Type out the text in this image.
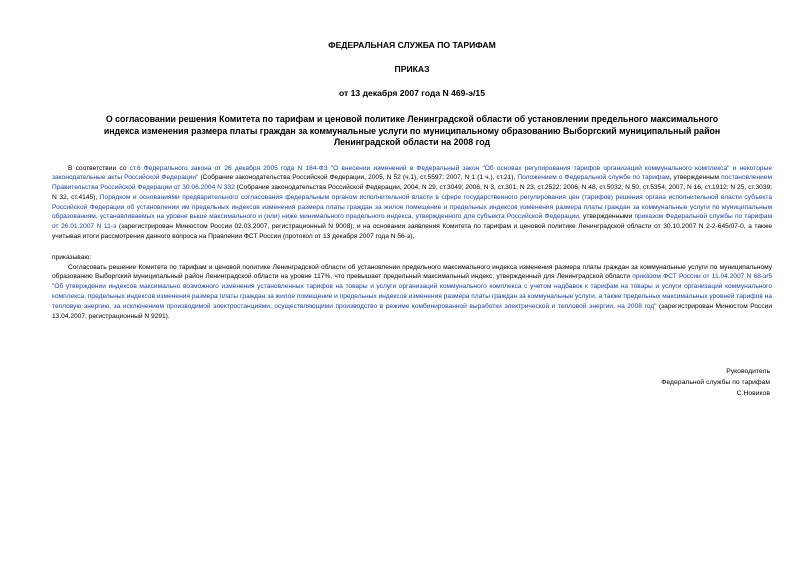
ФЕДЕРАЛЬНАЯ СЛУЖБА ПО ТАРИФАМ
ПРИКАЗ
от 13 декабря 2007 года N 469-э/15
О согласовании решения Комитета по тарифам и ценовой политике Ленинградской области об установлении предельного максимального индекса изменения размера платы граждан за коммунальные услуги по муниципальному образованию Выборгский муниципальный район Ленинградской области на 2008 год

В соответствии со ст.6 Федерального закона от 26 декабря 2005 года N 184-ФЗ "О внесении изменений в Федеральный закон "Об основах регулирования тарифов организаций коммунального комплекса" и некоторые законодательные акты Российской Федерации" (Собрание законодательства Российской Федерации, 2005, N 52 (ч.1), ст.5597; 2007, N 1 (1 ч.), ст.21), Положением о Федеральной службе по тарифам, утвержденным постановлением Правительства Российской Федерации от 30.06.2004 N 332 (Собрание законодательства Российской Федерации, 2004, N 29, ст.3049; 2006, N 3, ст.301, N 23, ст.2522; 2006, N 48, ст.5032; N 50, ст.5354; 2007, N 16, ст.1912; N 25, ст.3039; N 32, ст.4145), Порядком и основаниями предварительного согласования федеральным органом исполнительной власти в сфере государственного регулирования цен (тарифов) решения органа исполнительной власти субъекта Российской Федерации об установлении им предельных индексов изменения размера платы граждан за жилое помещение и предельных индексов изменения размера платы граждан за коммунальные услуги по муниципальным образованиям, устанавливаемых на уровне выше максимального и (или) ниже минимального предельного индекса, утвержденного для субъекта Российской Федерации, утвержденными приказом Федеральной службы по тарифам от 26.01.2007 N 11-э (зарегистрирован Минюстом России 02.03.2007, регистрационный N 9008), и на основании заявления Комитета по тарифам и ценовой политике Ленинградской области от 30.10.2007 N 2-2-645/07-0, а также учитывая итоги рассмотрения данного вопроса на Правлении ФСТ России (протокол от 13 декабря 2007 года N 56-э),

приказываю:

Согласовать решение Комитета по тарифам и ценовой политике Ленинградской области об установлении предельного максимального индекса изменения размера платы граждан за коммунальные услуги по муниципальному образованию Выборгский муниципальный район Ленинградской области на уровне 117%, что превышает предельный максимальный индекс, утвержденный для Ленинградской области приказом ФСТ России от 11.04.2007 N 68-э/5 "Об утверждении индексов максимально возможного изменения установленных тарифов на товары и услуги организаций коммунального комплекса с учетом надбавок к тарифам на товары и услуги организаций коммунального комплекса, предельных индексов изменения размера платы граждан за жилое помещение и предельных индексов изменения размера платы граждан за коммунальные услуги, а также предельных максимальных уровней тарифов на тепловую энергию, за исключением производимой электростанциями, осуществляющими производство в режиме комбинированной выработки электрической и тепловой энергии, на 2008 год" (зарегистрирован Минюстом России 13.04.2007, регистрационный N 9291).

Руководитель
Федеральной службы по тарифам
С.Новиков
